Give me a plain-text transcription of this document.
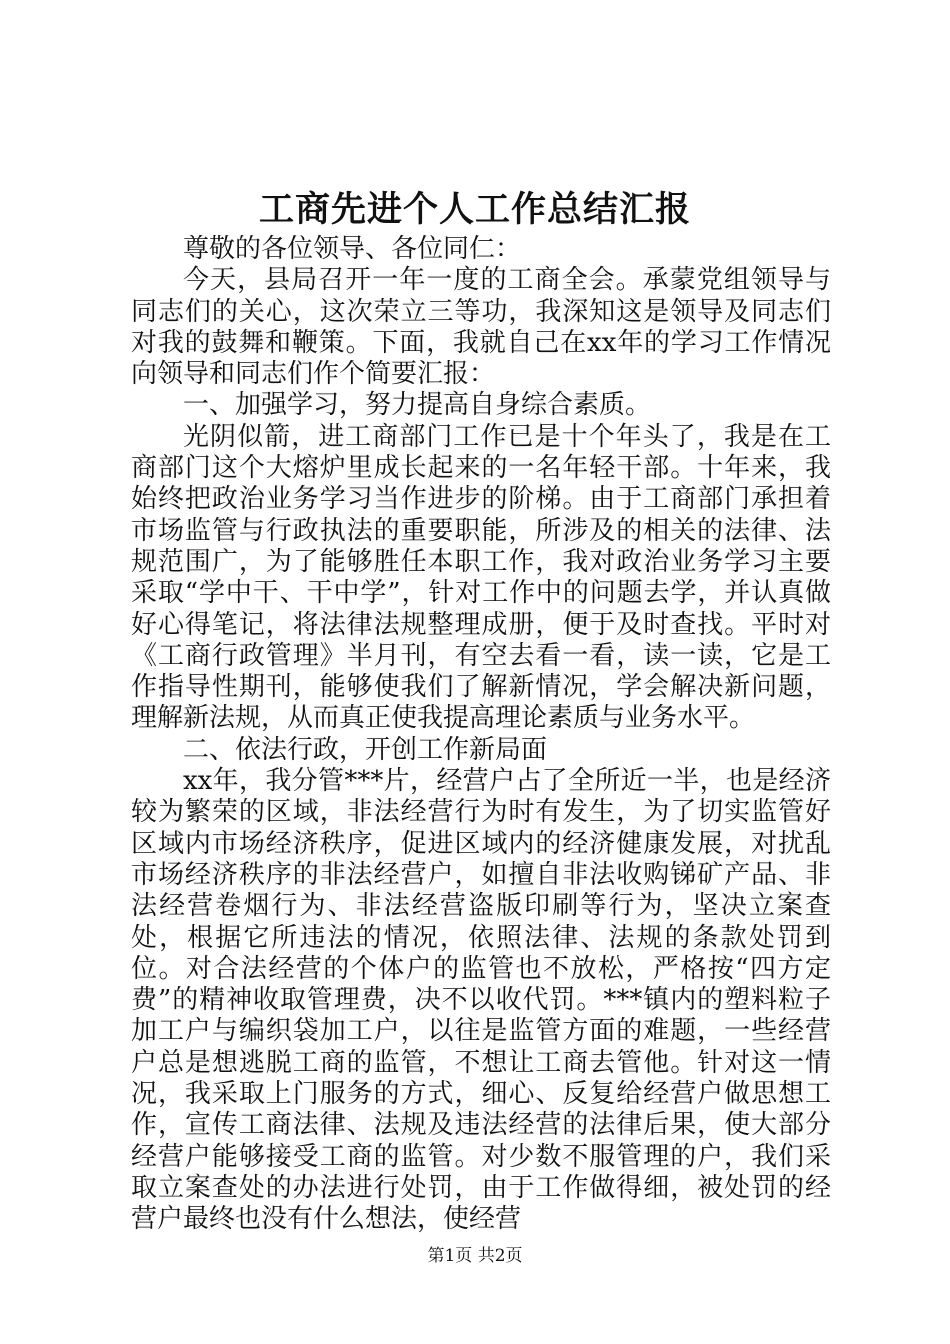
工商先进个人工作总结汇报

尊敬的各位领导、各位同仁：

今天，县局召开一年一度的工商全会。承蒙党组领导与同志们的关心，这次荣立三等功，我深知这是领导及同志们对我的鼓舞和鞭策。下面，我就自己在xx年的学习工作情况向领导和同志们作个简要汇报：

一、加强学习，努力提高自身综合素质。

光阴似箭，进工商部门工作已是十个年头了，我是在工商部门这个大熔炉里成长起来的一名年轻干部。十年来，我始终把政治业务学习当作进步的阶梯。由于工商部门承担着市场监管与行政执法的重要职能，所涉及的相关的法律、法规范围广，为了能够胜任本职工作，我对政治业务学习主要采取“学中干、干中学”，针对工作中的问题去学，并认真做好心得笔记，将法律法规整理成册，便于及时查找。平时对《工商行政管理》半月刊，有空去看一看，读一读，它是工作指导性期刊，能够使我们了解新情况，学会解决新问题，理解新法规，从而真正使我提高理论素质与业务水平。

二、依法行政，开创工作新局面

xx年，我分管***片，经营户占了全所近一半，也是经济较为繁荣的区域，非法经营行为时有发生，为了切实监管好区域内市场经济秩序，促进区域内的经济健康发展，对扰乱市场经济秩序的非法经营户，如擅自非法收购锑矿产品、非法经营卷烟行为、非法经营盗版印刷等行为，坚决立案查处，根据它所违法的情况，依照法律、法规的条款处罚到位。对合法经营的个体户的监管也不放松，严格按“四方定费”的精神收取管理费，决不以收代罚。***镇内的塑料粒子加工户与编织袋加工户，以往是监管方面的难题，一些经营户总是想逃脱工商的监管，不想让工商去管他。针对这一情况，我采取上门服务的方式，细心、反复给经营户做思想工作，宣传工商法律、法规及违法经营的法律后果，使大部分经营户能够接受工商的监管。对少数不服管理的户，我们采取立案查处的办法进行处罚，由于工作做得细，被处罚的经营户最终也没有什么想法，使经营

第1页 共2页
